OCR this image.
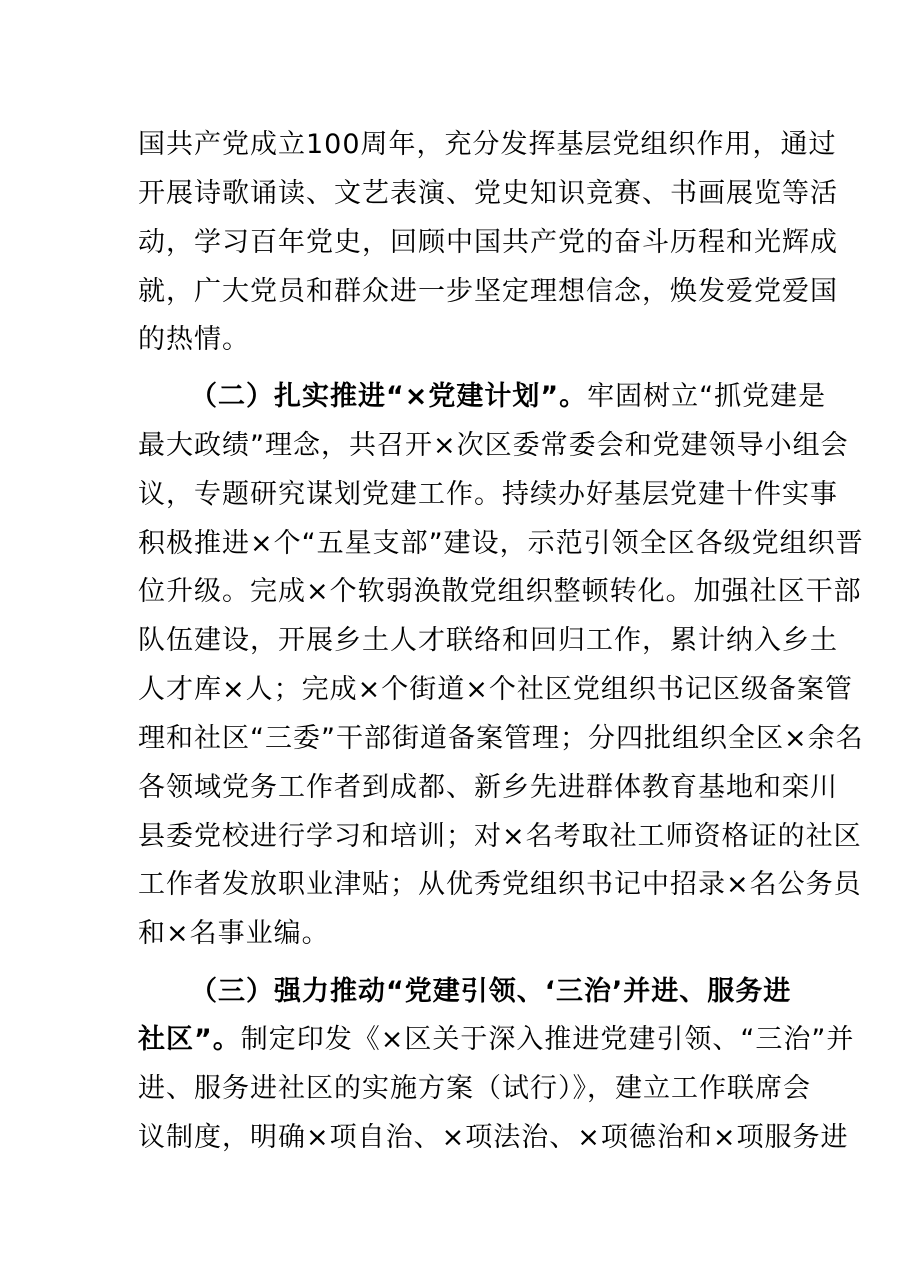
国共产党成立100周年，充分发挥基层党组织作用，通过
开展诗歌诵读、文艺表演、党史知识竞赛、书画展览等活
动，学习百年党史，回顾中国共产党的奋斗历程和光辉成
就，广大党员和群众进一步坚定理想信念，焕发爱党爱国
的热情。
（二）扎实推进“×党建计划”。牢固树立“抓党建是
最大政绩”理念，共召开×次区委常委会和党建领导小组会
议，专题研究谋划党建工作。持续办好基层党建十件实事
积极推进×个“五星支部”建设，示范引领全区各级党组织晋
位升级。完成×个软弱涣散党组织整顿转化。加强社区干部
队伍建设，开展乡土人才联络和回归工作，累计纳入乡土
人才库×人；完成×个街道×个社区党组织书记区级备案管
理和社区“三委”干部街道备案管理；分四批组织全区×余名
各领域党务工作者到成都、新乡先进群体教育基地和栾川
县委党校进行学习和培训；对×名考取社工师资格证的社区
工作者发放职业津贴；从优秀党组织书记中招录×名公务员
和×名事业编。
（三）强力推动“党建引领、‘三治’并进、服务进
社区”。制定印发《×区关于深入推进党建引领、“三治”并
进、服务进社区的实施方案（试行）》，建立工作联席会
议制度，明确×项自治、×项法治、×项德治和×项服务进
